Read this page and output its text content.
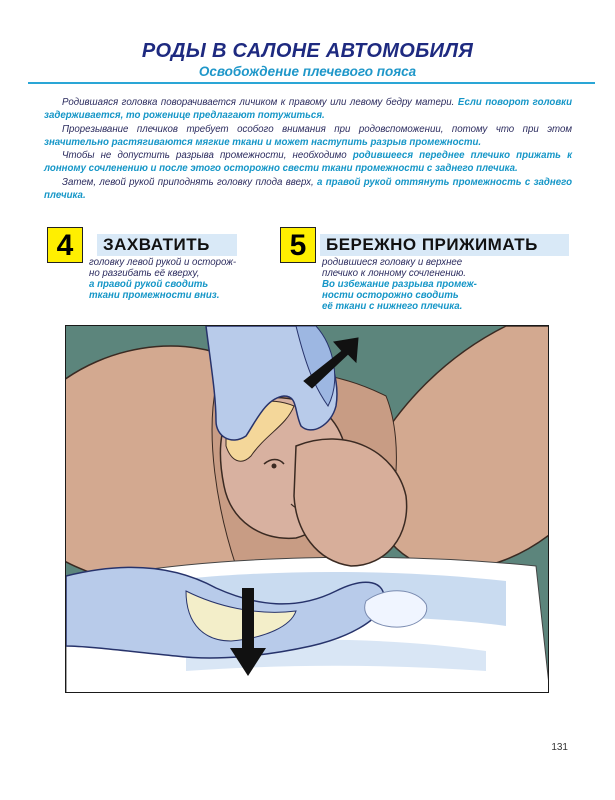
РОДЫ В САЛОНЕ АВТОМОБИЛЯ
Освобождение плечевого пояса

Родившаяся головка поворачивается личиком к правому или левому бедру матери. Если поворот головки задерживается, то роженице предлагают потужиться.

Прорезывание плечиков требует особого внимания при родовспоможении, потому что при этом значительно растягиваются мягкие ткани и может наступить разрыв промежности.

Чтобы не допустить разрыва промежности, необходимо родившееся переднее плечико прижать к лонному сочленению и после этого осторожно свести ткани промежности с заднего плечика.

Затем, левой рукой приподнять головку плода вверх, а правой рукой оттянуть промежность с заднего плечика.

4	ЗАХВАТИТЬ
головку левой рукой и осторож-
но разгибать её кверху,
а правой рукой сводить
ткани промежности вниз.
5	БЕРЕЖНО ПРИЖИМАТЬ
родившиеся головку и верхнее
плечико к лонному сочленению.
Во избежание разрыва промеж-
ности осторожно сводить
её ткани с нижнего плечика.
131
